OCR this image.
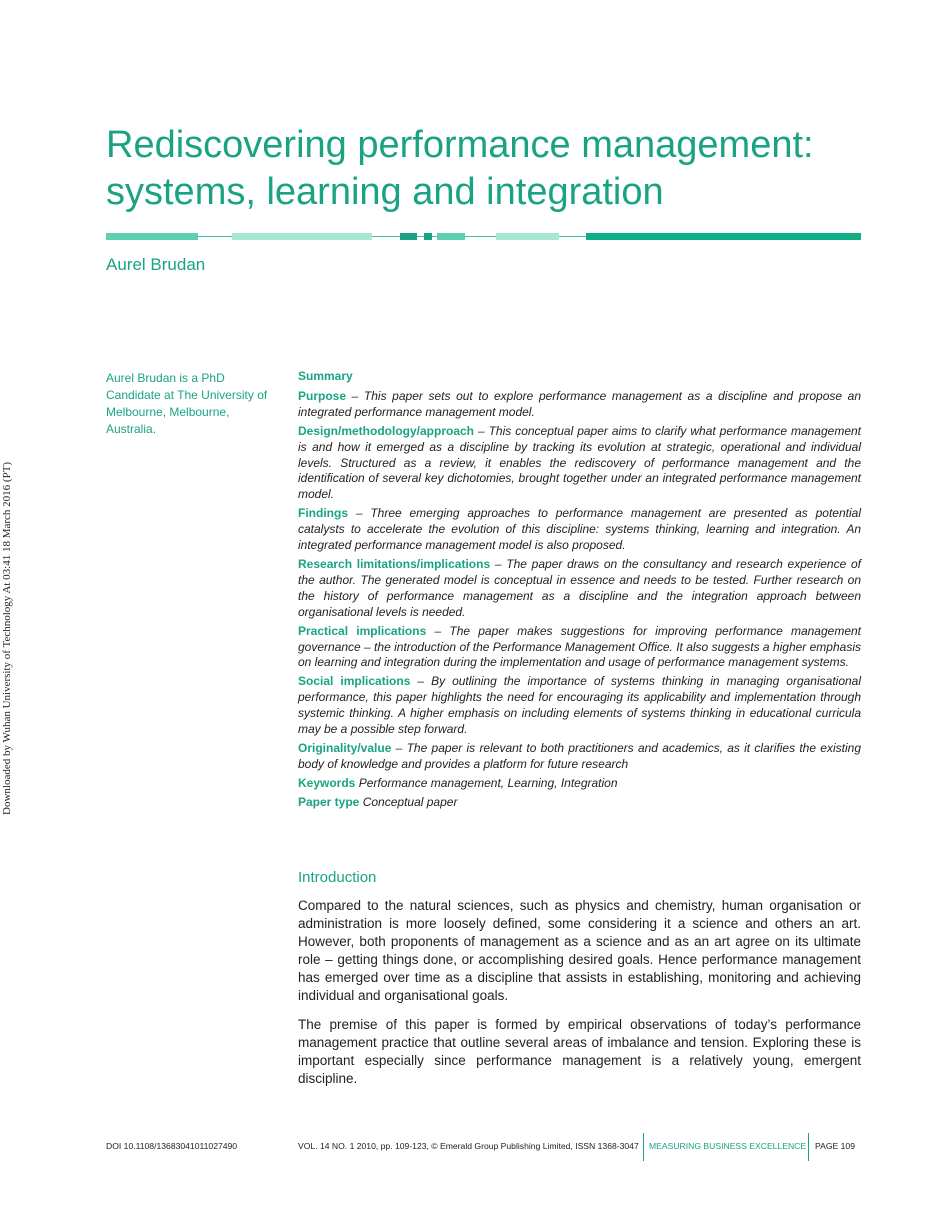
Rediscovering performance management:
systems, learning and integration
Aurel Brudan
Aurel Brudan is a PhD Candidate at The University of Melbourne, Melbourne, Australia.
Downloaded by Wuhan University of Technology At 03:41 18 March 2016 (PT)
Summary
Purpose – This paper sets out to explore performance management as a discipline and propose an integrated performance management model.
Design/methodology/approach – This conceptual paper aims to clarify what performance management is and how it emerged as a discipline by tracking its evolution at strategic, operational and individual levels. Structured as a review, it enables the rediscovery of performance management and the identification of several key dichotomies, brought together under an integrated performance management model.
Findings – Three emerging approaches to performance management are presented as potential catalysts to accelerate the evolution of this discipline: systems thinking, learning and integration. An integrated performance management model is also proposed.
Research limitations/implications – The paper draws on the consultancy and research experience of the author. The generated model is conceptual in essence and needs to be tested. Further research on the history of performance management as a discipline and the integration approach between organisational levels is needed.
Practical implications – The paper makes suggestions for improving performance management governance – the introduction of the Performance Management Office. It also suggests a higher emphasis on learning and integration during the implementation and usage of performance management systems.
Social implications – By outlining the importance of systems thinking in managing organisational performance, this paper highlights the need for encouraging its applicability and implementation through systemic thinking. A higher emphasis on including elements of systems thinking in educational curricula may be a possible step forward.
Originality/value – The paper is relevant to both practitioners and academics, as it clarifies the existing body of knowledge and provides a platform for future research
Keywords Performance management, Learning, Integration
Paper type Conceptual paper
Introduction
Compared to the natural sciences, such as physics and chemistry, human organisation or administration is more loosely defined, some considering it a science and others an art. However, both proponents of management as a science and as an art agree on its ultimate role – getting things done, or accomplishing desired goals. Hence performance management has emerged over time as a discipline that assists in establishing, monitoring and achieving individual and organisational goals.
The premise of this paper is formed by empirical observations of today’s performance management practice that outline several areas of imbalance and tension. Exploring these is important especially since performance management is a relatively young, emergent discipline.
DOI 10.1108/13683041011027490	VOL. 14 NO. 1 2010, pp. 109-123, © Emerald Group Publishing Limited, ISSN 1368-3047 MEASURING BUSINESS EXCELLENCE PAGE 109
